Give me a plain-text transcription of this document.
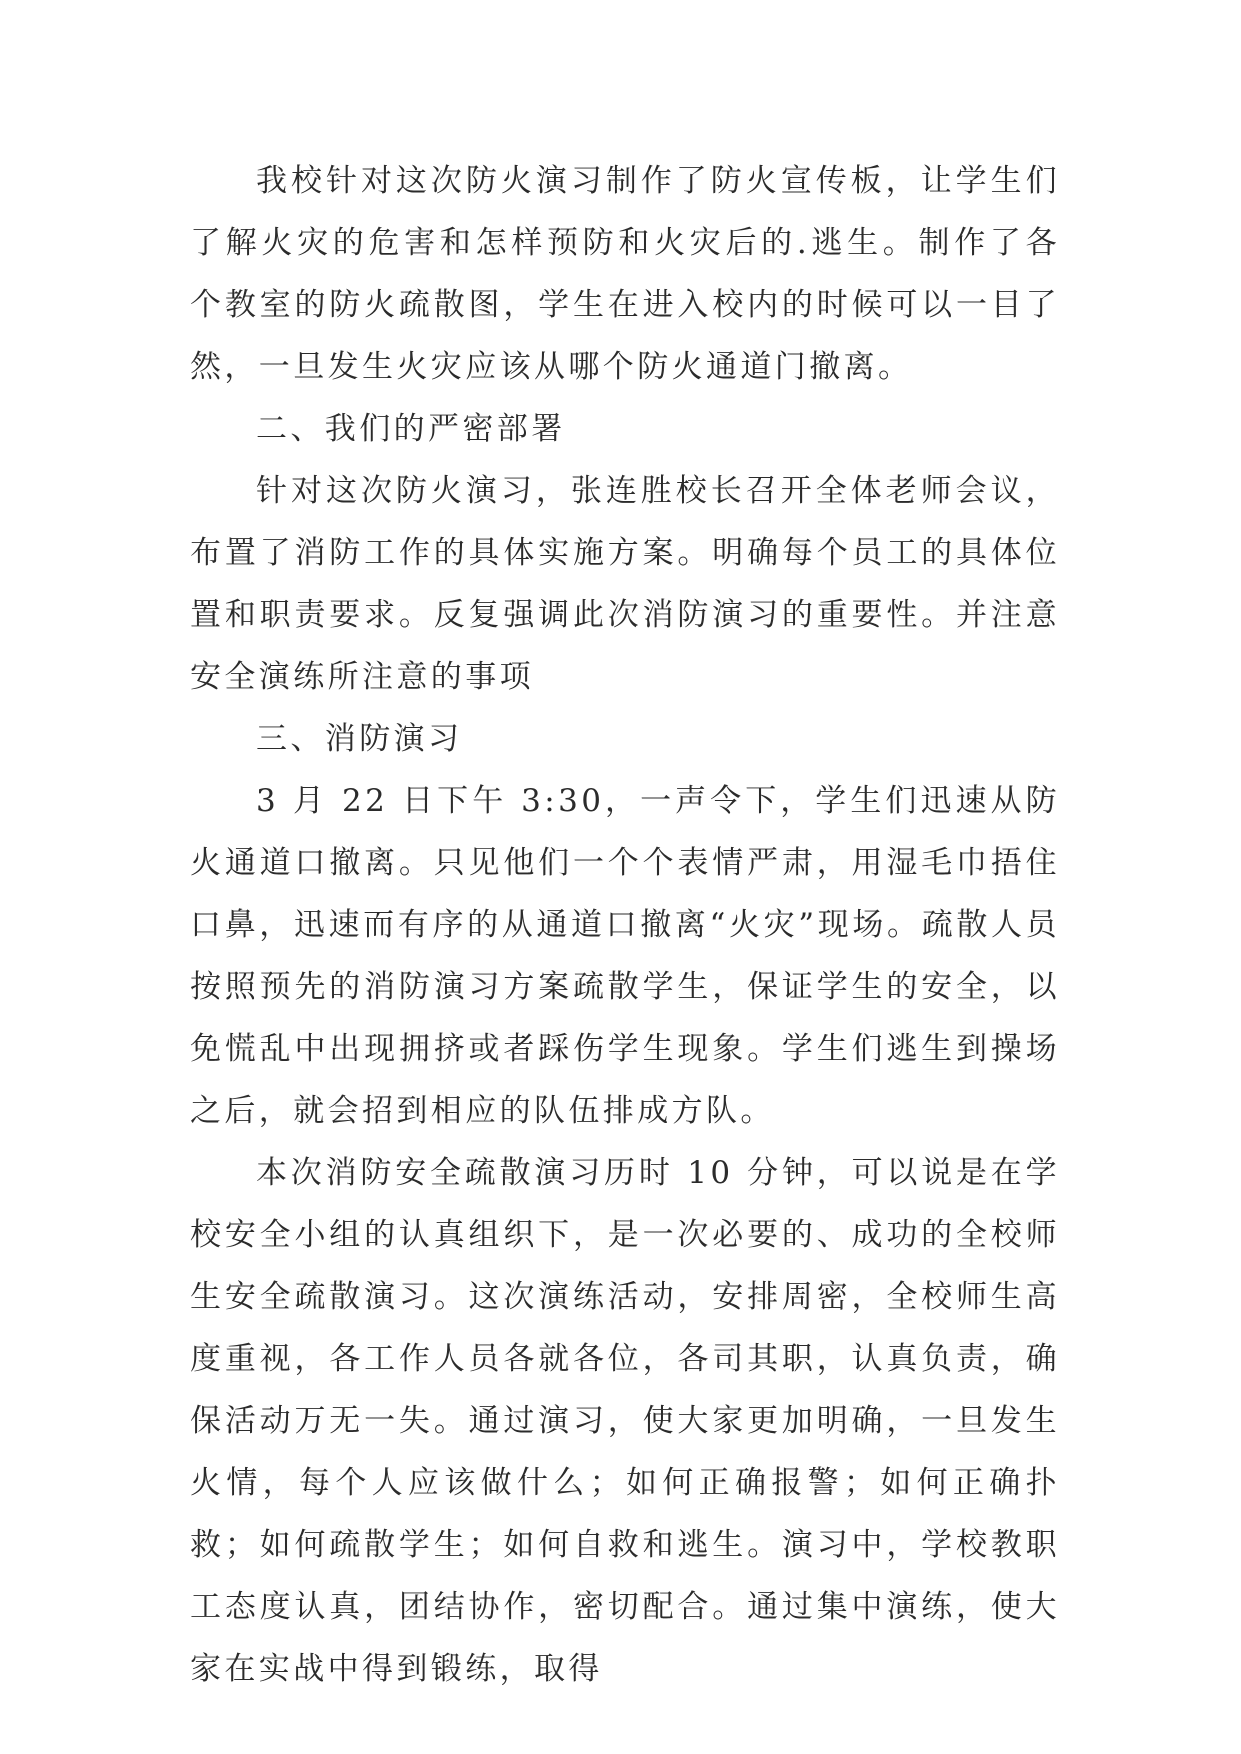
我校针对这次防火演习制作了防火宣传板，让学生们了解火灾的危害和怎样预防和火灾后的.逃生。制作了各个教室的防火疏散图，学生在进入校内的时候可以一目了然，一旦发生火灾应该从哪个防火通道门撤离。

二、我们的严密部署

针对这次防火演习，张连胜校长召开全体老师会议，布置了消防工作的具体实施方案。明确每个员工的具体位置和职责要求。反复强调此次消防演习的重要性。并注意安全演练所注意的事项

三、消防演习

3 月 22 日下午 3:30，一声令下，学生们迅速从防火通道口撤离。只见他们一个个表情严肃，用湿毛巾捂住口鼻，迅速而有序的从通道口撤离“火灾”现场。疏散人员按照预先的消防演习方案疏散学生，保证学生的安全，以免慌乱中出现拥挤或者踩伤学生现象。学生们逃生到操场之后，就会招到相应的队伍排成方队。

本次消防安全疏散演习历时 10 分钟，可以说是在学校安全小组的认真组织下，是一次必要的、成功的全校师生安全疏散演习。这次演练活动，安排周密，全校师生高度重视，各工作人员各就各位，各司其职，认真负责，确保活动万无一失。通过演习，使大家更加明确，一旦发生火情，每个人应该做什么；如何正确报警；如何正确扑救；如何疏散学生；如何自救和逃生。演习中，学校教职工态度认真，团结协作，密切配合。通过集中演练，使大家在实战中得到锻练，取得
